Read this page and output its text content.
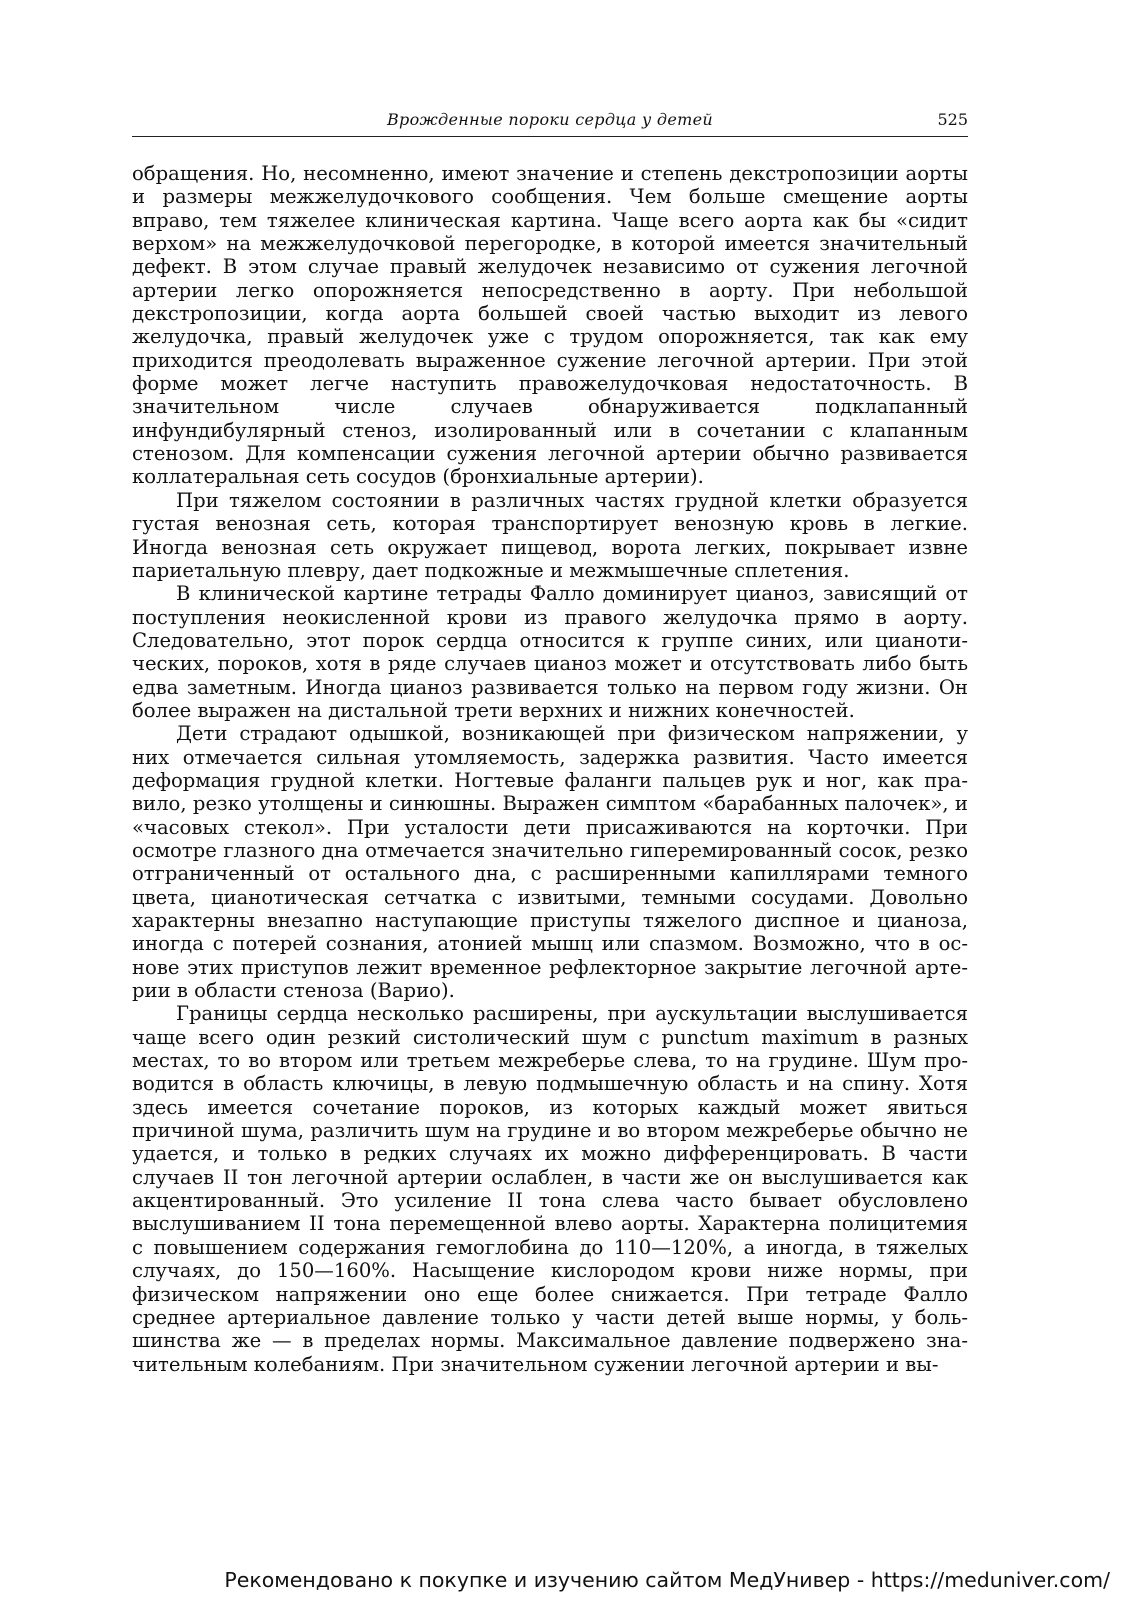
Врожденные пороки сердца у детей	525

обращения. Но, несомненно, имеют значение и степень декстропозиции аорты и размеры межжелудочкового сообщения. Чем больше смещение аорты вправо, тем тяжелее клиническая картина. Чаще всего аорта как бы «сидит верхом» на межжелудочковой перегородке, в которой имеется значительный дефект. В этом случае правый желудочек независимо от сужения легочной артерии легко опорожняется непосредственно в аорту. При небольшой декстропозиции, когда аорта большей своей частью выходит из левого желудочка, правый желудочек уже с трудом опорожняется, так как ему приходится преодолевать выраженное сужение легочной артерии. При этой форме может легче наступить правожелудочковая недостаточность. В значительном числе случаев обнаруживается подклапанный инфундибулярный стеноз, изолированный или в сочетании с клапанным стенозом. Для компенсации сужения легочной артерии обычно развивается коллатеральная сеть сосудов (бронхиальные артерии).

При тяжелом состоянии в различных частях грудной клетки образуется густая венозная сеть, которая транспортирует венозную кровь в легкие. Иногда венозная сеть окружает пищевод, ворота легких, покрывает извне париетальную плевру, дает подкожные и межмышечные сплетения.

В клинической картине тетрады Фалло доминирует цианоз, зависящий от поступления неокисленной крови из правого желудочка прямо в аорту. Следовательно, этот порок сердца относится к группе синих, или цианотических, пороков, хотя в ряде случаев цианоз может и отсутствовать либо быть едва заметным. Иногда цианоз развивается только на первом году жизни. Он более выражен на дистальной трети верхних и нижних конечностей.

Дети страдают одышкой, возникающей при физическом напряжении, у них отмечается сильная утомляемость, задержка развития. Часто имеется деформация грудной клетки. Ногтевые фаланги пальцев рук и ног, как правило, резко утолщены и синюшны. Выражен симптом «барабанных палочек», и «часовых стекол». При усталости дети присаживаются на корточки. При осмотре глазного дна отмечается значительно гиперемированный сосок, резко отграниченный от остального дна, с расширенными капиллярами темного цвета, цианотическая сетчатка с извитыми, темными сосудами. Довольно характерны внезапно наступающие приступы тяжелого диспное и цианоза, иногда с потерей сознания, атонией мышц или спазмом. Возможно, что в основе этих приступов лежит временное рефлекторное закрытие легочной артерии в области стеноза (Варио).

Границы сердца несколько расширены, при аускультации выслушивается чаще всего один резкий систолический шум с punctum maximum в разных местах, то во втором или третьем межреберье слева, то на грудине. Шум проводится в область ключицы, в левую подмышечную область и на спину. Хотя здесь имеется сочетание пороков, из которых каждый может явиться причиной шума, различить шум на грудине и во втором межреберье обычно не удается, и только в редких случаях их можно дифференцировать. В части случаев II тон легочной артерии ослаблен, в части же он выслушивается как акцентированный. Это усиление II тона слева часто бывает обусловлено выслушиванием II тона перемещенной влево аорты. Характерна полицитемия с повышением содержания гемоглобина до 110—120%, а иногда, в тяжелых случаях, до 150—160%. Насыщение кислородом крови ниже нормы, при физическом напряжении оно еще более снижается. При тетраде Фалло среднее артериальное давление только у части детей выше нормы, у большинства же — в пределах нормы. Максимальное давление подвержено значительным колебаниям. При значительном сужении легочной артерии и вы-

Рекомендовано к покупке и изучению сайтом МедУнивер - https://meduniver.com/
